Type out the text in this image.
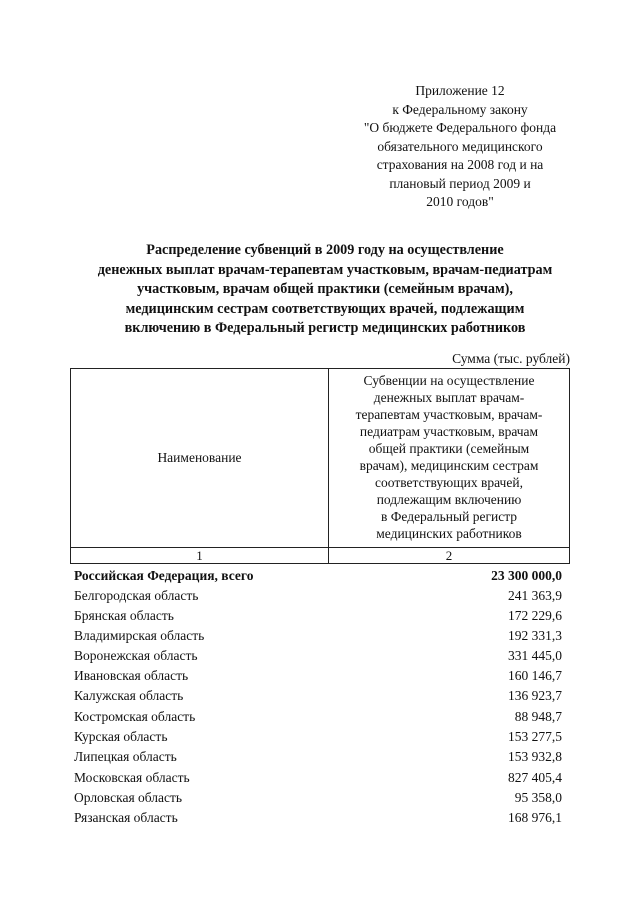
Приложение 12
к Федеральному закону
"О бюджете Федерального фонда
обязательного медицинского
страхования на 2008 год и на
плановый период 2009 и
2010 годов"
Распределение субвенций в 2009 году на осуществление
денежных выплат врачам-терапевтам участковым, врачам-педиатрам
участковым, врачам общей практики (семейным врачам),
медицинским сестрам соответствующих врачей, подлежащим
включению в Федеральный регистр медицинских работников
Сумма (тыс. рублей)
Наименование
Субвенции на осуществление
денежных выплат врачам-
терапевтам участковым, врачам-
педиатрам участковым, врачам
общей практики (семейным
врачам), медицинским сестрам
соответствующих врачей,
подлежащим включению
в Федеральный регистр
медицинских работников
1	2
Российская Федерация, всего	23 300 000,0
Белгородская область	241 363,9
Брянская область	172 229,6
Владимирская область	192 331,3
Воронежская область	331 445,0
Ивановская область	160 146,7
Калужская область	136 923,7
Костромская область	88 948,7
Курская область	153 277,5
Липецкая область	153 932,8
Московская область	827 405,4
Орловская область	95 358,0
Рязанская область	168 976,1
